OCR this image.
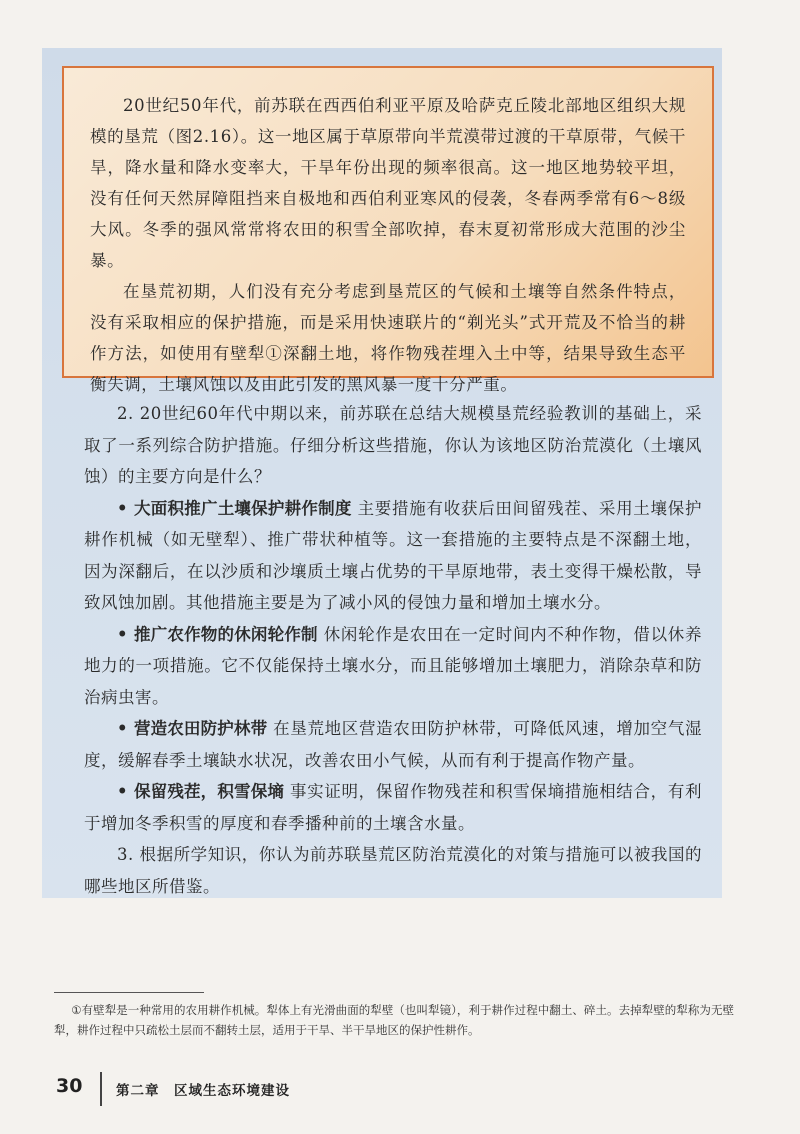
20世纪50年代，前苏联在西西伯利亚平原及哈萨克丘陵北部地区组织大规模的垦荒（图2.16）。这一地区属于草原带向半荒漠带过渡的干草原带，气候干旱，降水量和降水变率大，干旱年份出现的频率很高。这一地区地势较平坦，没有任何天然屏障阻挡来自极地和西伯利亚寒风的侵袭，冬春两季常有6～8级大风。冬季的强风常常将农田的积雪全部吹掉，春末夏初常形成大范围的沙尘暴。

在垦荒初期，人们没有充分考虑到垦荒区的气候和土壤等自然条件特点，没有采取相应的保护措施，而是采用快速联片的“剃光头”式开荒及不恰当的耕作方法，如使用有壁犁①深翻土地，将作物残茬埋入土中等，结果导致生态平衡失调，土壤风蚀以及由此引发的黑风暴一度十分严重。

2. 20世纪60年代中期以来，前苏联在总结大规模垦荒经验教训的基础上，采取了一系列综合防护措施。仔细分析这些措施，你认为该地区防治荒漠化（土壤风蚀）的主要方向是什么？

• 大面积推广土壤保护耕作制度 主要措施有收获后田间留残茬、采用土壤保护耕作机械（如无壁犁）、推广带状种植等。这一套措施的主要特点是不深翻土地，因为深翻后，在以沙质和沙壤质土壤占优势的干旱原地带，表土变得干燥松散，导致风蚀加剧。其他措施主要是为了减小风的侵蚀力量和增加土壤水分。

• 推广农作物的休闲轮作制 休闲轮作是农田在一定时间内不种作物，借以休养地力的一项措施。它不仅能保持土壤水分，而且能够增加土壤肥力，消除杂草和防治病虫害。

• 营造农田防护林带 在垦荒地区营造农田防护林带，可降低风速，增加空气湿度，缓解春季土壤缺水状况，改善农田小气候，从而有利于提高作物产量。

• 保留残茬，积雪保墒 事实证明，保留作物残茬和积雪保墒措施相结合，有利于增加冬季积雪的厚度和春季播种前的土壤含水量。

3. 根据所学知识，你认为前苏联垦荒区防治荒漠化的对策与措施可以被我国的哪些地区所借鉴。

①有壁犁是一种常用的农用耕作机械。犁体上有光滑曲面的犁壁（也叫犁镜），利于耕作过程中翻土、碎土。去掉犁壁的犁称为无壁犁，耕作过程中只疏松土层而不翻转土层，适用于干旱、半干旱地区的保护性耕作。
30 第二章　区域生态环境建设
